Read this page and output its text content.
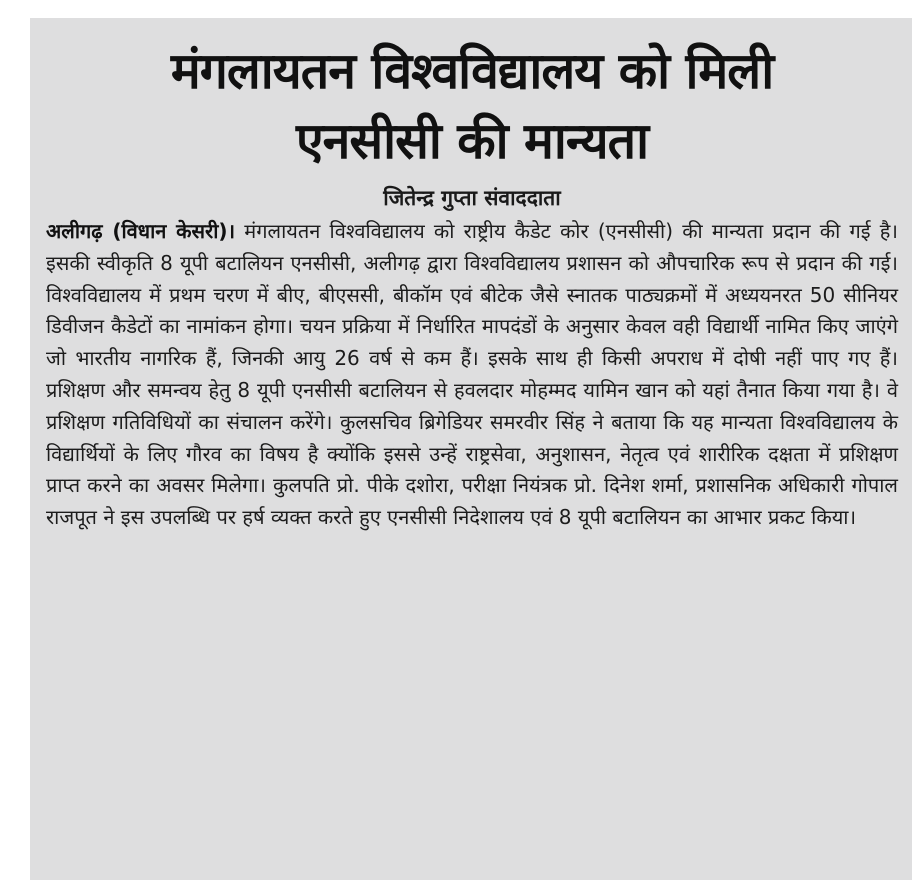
मंगलायतन विश्वविद्यालय को मिली
एनसीसी की मान्यता

जितेन्द्र गुप्ता संवाददाता

अलीगढ़ (विधान केसरी)। मंगलायतन विश्वविद्यालय को राष्ट्रीय कैडेट कोर (एनसीसी) की मान्यता प्रदान की गई है। इसकी स्वीकृति 8 यूपी बटालियन एनसीसी, अलीगढ़ द्वारा विश्वविद्यालय प्रशासन को औपचारिक रूप से प्रदान की गई। विश्वविद्यालय में प्रथम चरण में बीए, बीएससी, बीकॉम एवं बीटेक जैसे स्नातक पाठ्यक्रमों में अध्ययनरत 50 सीनियर डिवीजन कैडेटों का नामांकन होगा। चयन प्रक्रिया में निर्धारित मापदंडों के अनुसार केवल वही विद्यार्थी नामित किए जाएंगे जो भारतीय नागरिक हैं, जिनकी आयु 26 वर्ष से कम हैं। इसके साथ ही किसी अपराध में दोषी नहीं पाए गए हैं। प्रशिक्षण और समन्वय हेतु 8 यूपी एनसीसी बटालियन से हवलदार मोहम्मद यामिन खान को यहां तैनात किया गया है। वे प्रशिक्षण गतिविधियों का संचालन करेंगे। कुलसचिव ब्रिगेडियर समरवीर सिंह ने बताया कि यह मान्यता विश्वविद्यालय के विद्यार्थियों के लिए गौरव का विषय है क्योंकि इससे उन्हें राष्ट्रसेवा, अनुशासन, नेतृत्व एवं शारीरिक दक्षता में प्रशिक्षण प्राप्त करने का अवसर मिलेगा। कुलपति प्रो. पीके दशोरा, परीक्षा नियंत्रक प्रो. दिनेश शर्मा, प्रशासनिक अधिकारी गोपाल राजपूत ने इस उपलब्धि पर हर्ष व्यक्त करते हुए एनसीसी निदेशालय एवं 8 यूपी बटालियन का आभार प्रकट किया।
